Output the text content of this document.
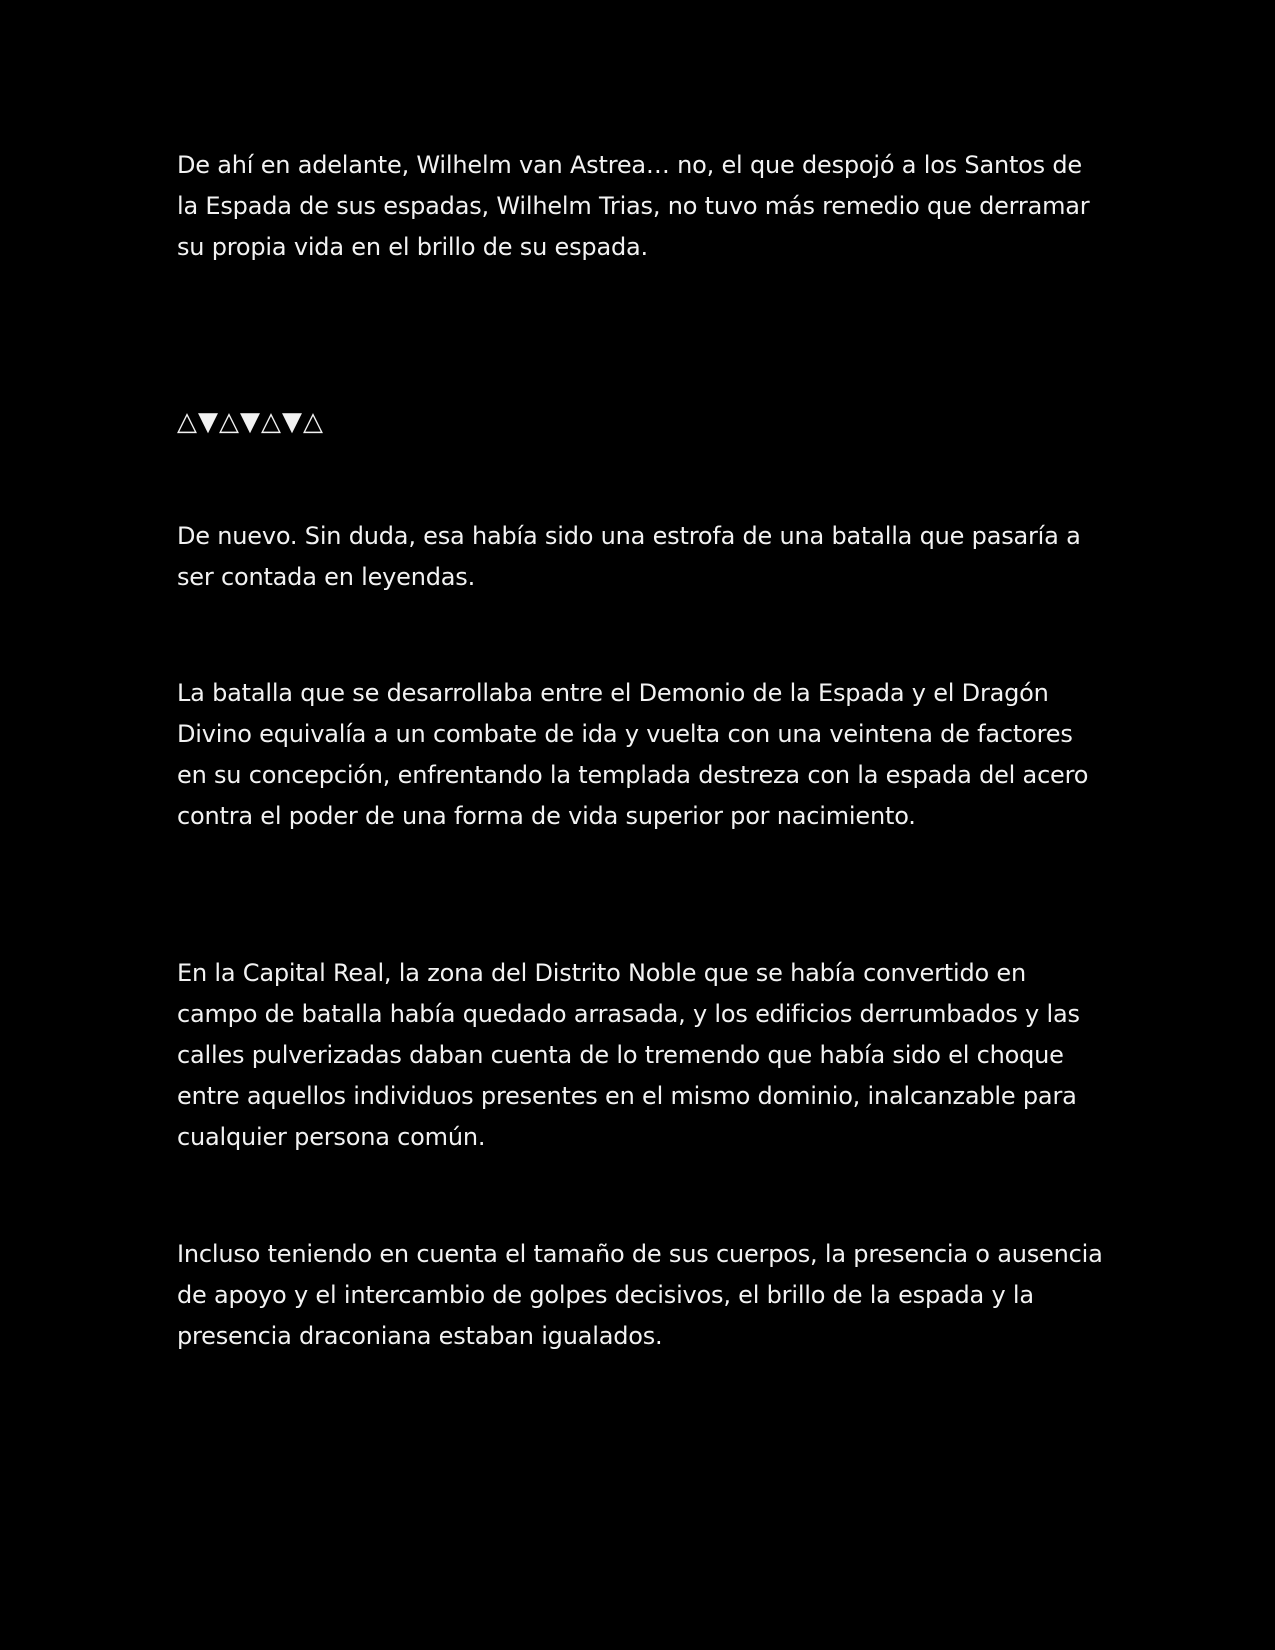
De ahí en adelante, Wilhelm van Astrea… no, el que despojó a los Santos de la Espada de sus espadas, Wilhelm Trias, no tuvo más remedio que derramar su propia vida en el brillo de su espada.

△▼△▼△▼△

De nuevo. Sin duda, esa había sido una estrofa de una batalla que pasaría a ser contada en leyendas.

La batalla que se desarrollaba entre el Demonio de la Espada y el Dragón Divino equivalía a un combate de ida y vuelta con una veintena de factores en su concepción, enfrentando la templada destreza con la espada del acero contra el poder de una forma de vida superior por nacimiento.

En la Capital Real, la zona del Distrito Noble que se había convertido en campo de batalla había quedado arrasada, y los edificios derrumbados y las calles pulverizadas daban cuenta de lo tremendo que había sido el choque entre aquellos individuos presentes en el mismo dominio, inalcanzable para cualquier persona común.

Incluso teniendo en cuenta el tamaño de sus cuerpos, la presencia o ausencia de apoyo y el intercambio de golpes decisivos, el brillo de la espada y la presencia draconiana estaban igualados.
